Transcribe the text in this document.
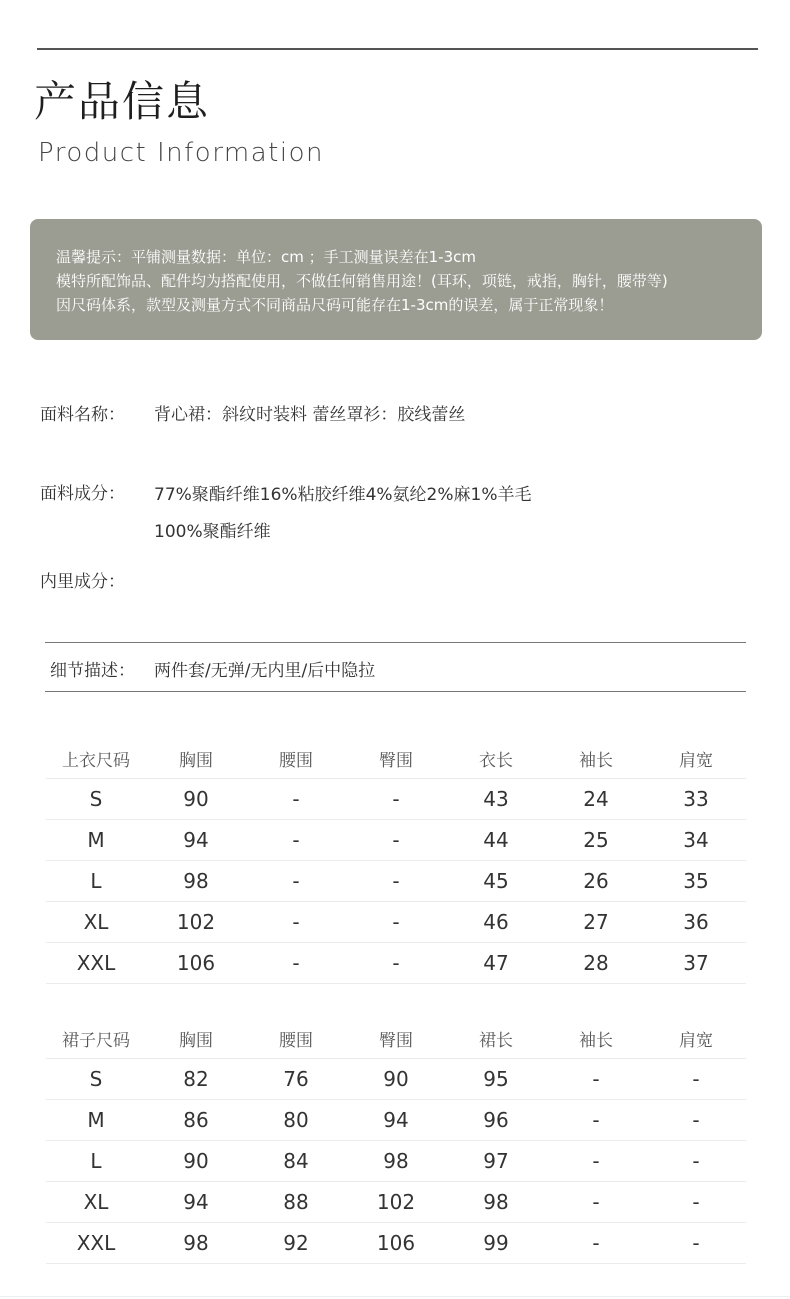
产品信息
Product Information
温馨提示：平铺测量数据：单位：cm ；手工测量误差在1-3cm
模特所配饰品、配件均为搭配使用，不做任何销售用途！(耳环，项链，戒指，胸针，腰带等)
因尺码体系，款型及测量方式不同商品尺码可能存在1-3cm的误差，属于正常现象！
面料名称： 背心裙：斜纹时装料 蕾丝罩衫：胶线蕾丝
面料成分： 77%聚酯纤维16%粘胶纤维4%氨纶2%麻1%羊毛
100%聚酯纤维
内里成分：
细节描述： 两件套/无弹/无内里/后中隐拉
上衣尺码	胸围	腰围	臀围	衣长	袖长	肩宽
S	90	-	-	43	24	33
M	94	-	-	44	25	34
L	98	-	-	45	26	35
XL	102	-	-	46	27	36
XXL	106	-	-	47	28	37
裙子尺码	胸围	腰围	臀围	裙长	袖长	肩宽
S	82	76	90	95	-	-
M	86	80	94	96	-	-
L	90	84	98	97	-	-
XL	94	88	102	98	-	-
XXL	98	92	106	99	-	-
